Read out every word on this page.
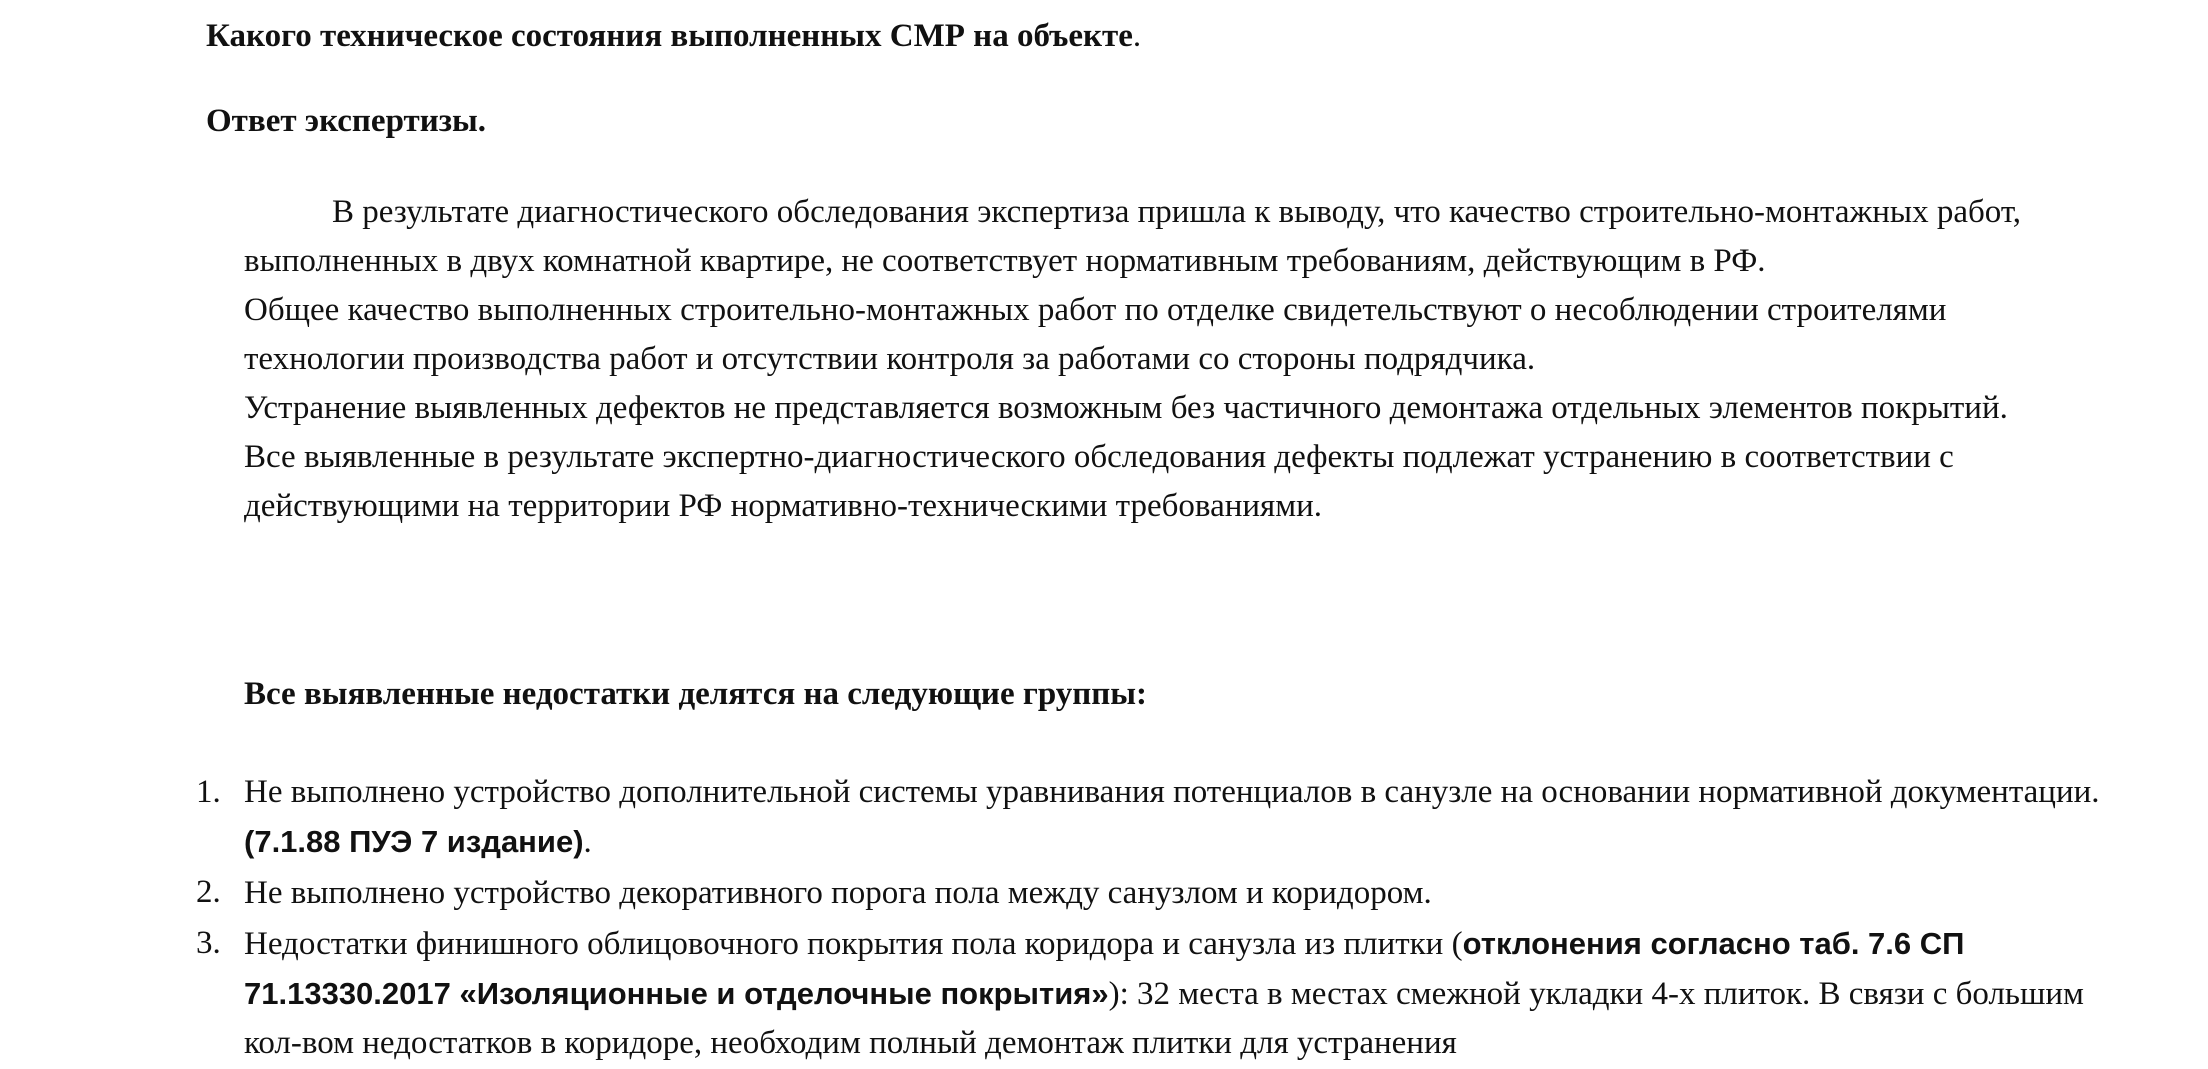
Какого техническое состояния выполненных СМР на объекте.
Ответ экспертизы.

В результате диагностического обследования экспертиза пришла к выводу, что качество строительно-монтажных работ, выполненных в двух комнатной квартире, не соответствует нормативным требованиям, действующим в РФ.

Общее качество выполненных строительно-монтажных работ по отделке свидетельствуют о несоблюдении строителями технологии производства работ и отсутствии контроля за работами со стороны подрядчика.

Устранение выявленных дефектов не представляется возможным без частичного демонтажа отдельных элементов покрытий.

Все выявленные в результате экспертно-диагностического обследования дефекты подлежат устранению в соответствии с действующими на территории РФ нормативно-техническими требованиями.

Все выявленные недостатки делятся на следующие группы:
1. Не выполнено устройство дополнительной системы уравнивания потенциалов в санузле на основании нормативной документации. (7.1.88 ПУЭ 7 издание).
2. Не выполнено устройство декоративного порога пола между санузлом и коридором.
3. Недостатки финишного облицовочного покрытия пола коридора и санузла из плитки (отклонения согласно таб. 7.6 СП 71.13330.2017 «Изоляционные и отделочные покрытия»): 32 места в местах смежной укладки 4-х плиток. В связи с большим кол-вом недостатков в коридоре, необходим полный демонтаж плитки для устранения
